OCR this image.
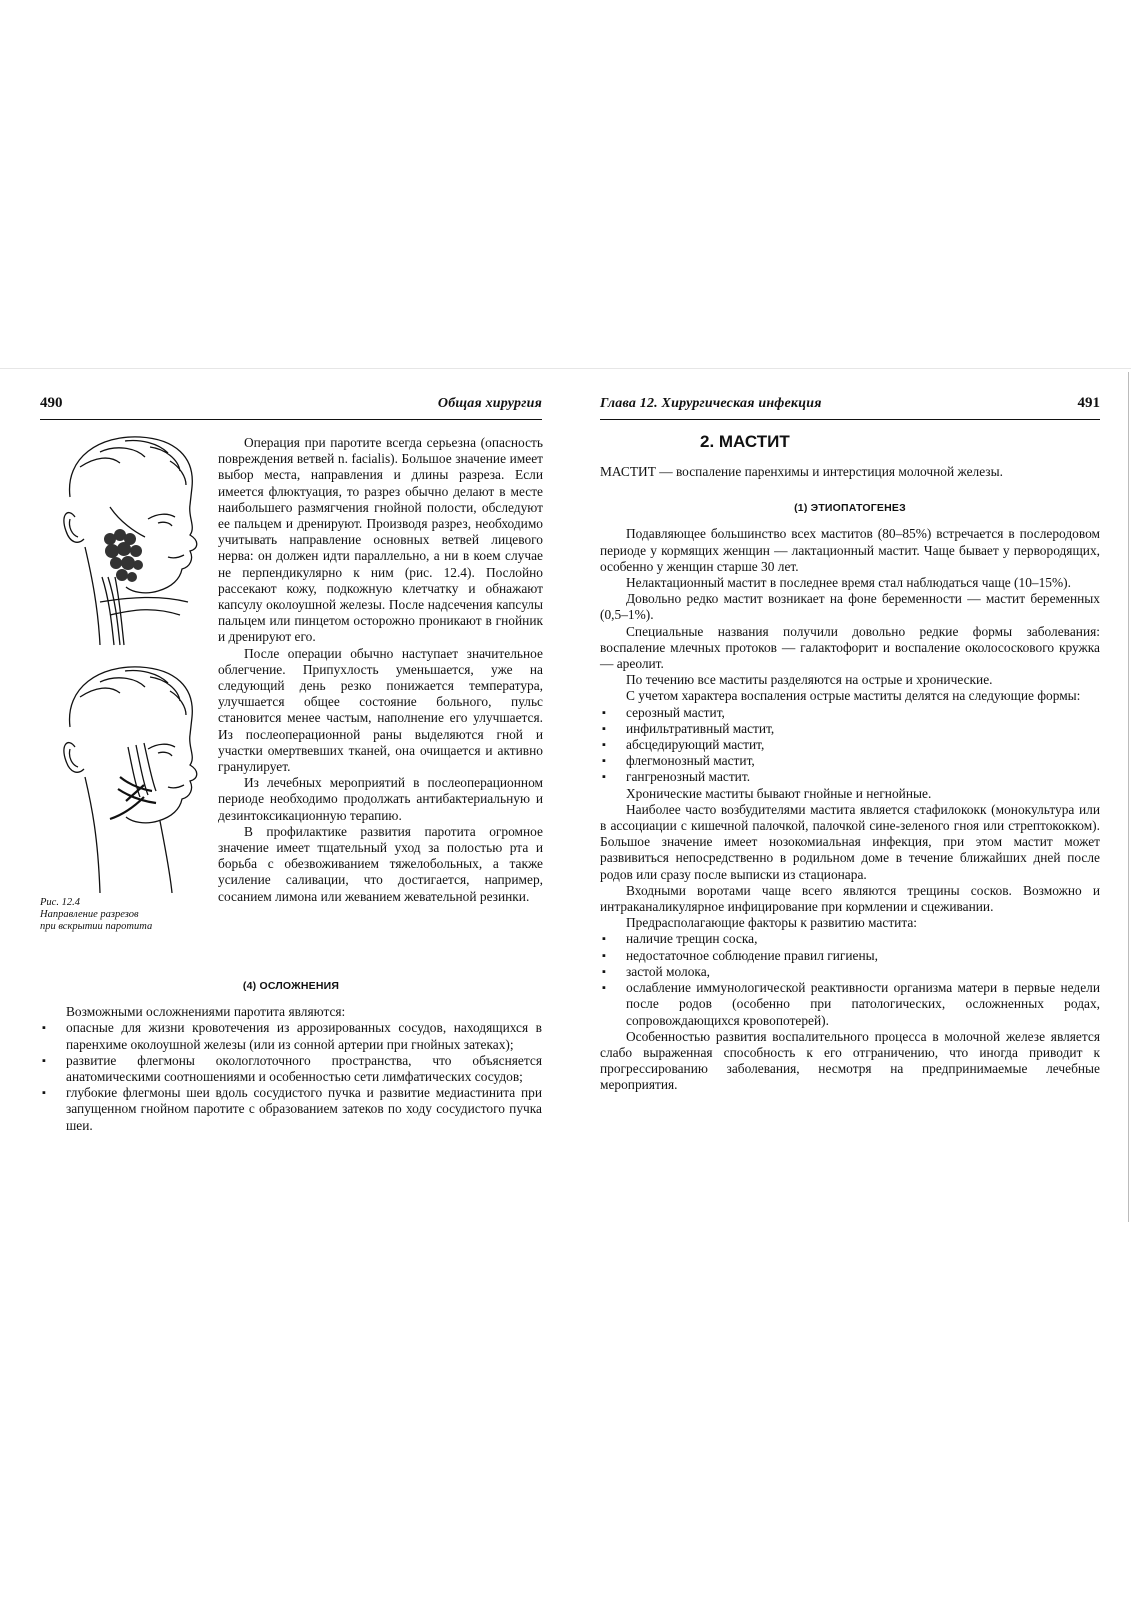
490	Общая хирургия
Рис. 12.4
Направление разрезов
при вскрытии паротита

Операция при паротите всегда серьезна (опасность повреждения ветвей n. facialis). Большое значение имеет выбор места, направления и длины разреза. Если имеется флюктуация, то разрез обычно делают в месте наибольшего размягчения гнойной полости, обследуют ее пальцем и дренируют. Производя разрез, необходимо учитывать направление основных ветвей лицевого нерва: он должен идти параллельно, а ни в коем случае не перпендикулярно к ним (рис. 12.4). Послойно рассекают кожу, подкожную клетчатку и обнажают капсулу околоушной железы. После надсечения капсулы пальцем или пинцетом осторожно проникают в гнойник и дренируют его.

После операции обычно наступает значительное облегчение. Припухлость уменьшается, уже на следующий день резко понижается температура, улучшается общее состояние больного, пульс становится менее частым, наполнение его улучшается. Из послеоперационной раны выделяются гной и участки омертвевших тканей, она очищается и активно гранулирует.

Из лечебных мероприятий в послеоперационном периоде необходимо продолжать антибактериальную и дезинтоксикационную терапию.

В профилактике развития паротита огромное значение имеет тщательный уход за полостью рта и борьба с обезвоживанием тяжелобольных, а также усиление саливации, что достигается, например, сосанием лимона или жеванием жевательной резинки.

(4) ОСЛОЖНЕНИЯ

Возможными осложнениями паротита являются:

▪ опасные для жизни кровотечения из аррозированных сосудов, находящихся в паренхиме околоушной железы (или из сонной артерии при гнойных затеках);
▪ развитие флегмоны окологлоточного пространства, что объясняется анатомическими соотношениями и особенностью сети лимфатических сосудов;
▪ глубокие флегмоны шеи вдоль сосудистого пучка и развитие медиастинита при запущенном гнойном паротите с образованием затеков по ходу сосудистого пучка шеи.
Глава 12. Хирургическая инфекция	491
2. МАСТИТ

МАСТИТ — воспаление паренхимы и интерстиция молочной железы.

(1) ЭТИОПАТОГЕНЕЗ

Подавляющее большинство всех маститов (80–85%) встречается в послеродовом периоде у кормящих женщин — лактационный мастит. Чаще бывает у первородящих, особенно у женщин старше 30 лет.

Нелактационный мастит в последнее время стал наблюдаться чаще (10–15%).

Довольно редко мастит возникает на фоне беременности — мастит беременных (0,5–1%).

Специальные названия получили довольно редкие формы заболевания: воспаление млечных протоков — галактофорит и воспаление околососкового кружка — ареолит.

По течению все маститы разделяются на острые и хронические.

С учетом характера воспаления острые маститы делятся на следующие формы:

▪ серозный мастит,
▪ инфильтративный мастит,
▪ абсцедирующий мастит,
▪ флегмонозный мастит,
▪ гангренозный мастит.

Хронические маститы бывают гнойные и негнойные.

Наиболее часто возбудителями мастита является стафилококк (монокультура или в ассоциации с кишечной палочкой, палочкой сине-зеленого гноя или стрептококком). Большое значение имеет нозокомиальная инфекция, при этом мастит может развивиться непосредственно в родильном доме в течение ближайших дней после родов или сразу после выписки из стационара.

Входными воротами чаще всего являются трещины сосков. Возможно и интраканаликулярное инфицирование при кормлении и сцеживании.

Предрасполагающие факторы к развитию мастита:

▪ наличие трещин соска,
▪ недостаточное соблюдение правил гигиены,
▪ застой молока,
▪ ослабление иммунологической реактивности организма матери в первые недели после родов (особенно при патологических, осложненных родах, сопровождающихся кровопотерей).

Особенностью развития воспалительного процесса в молочной железе является слабо выраженная способность к его отграничению, что иногда приводит к прогрессированию заболевания, несмотря на предпринимаемые лечебные мероприятия.
